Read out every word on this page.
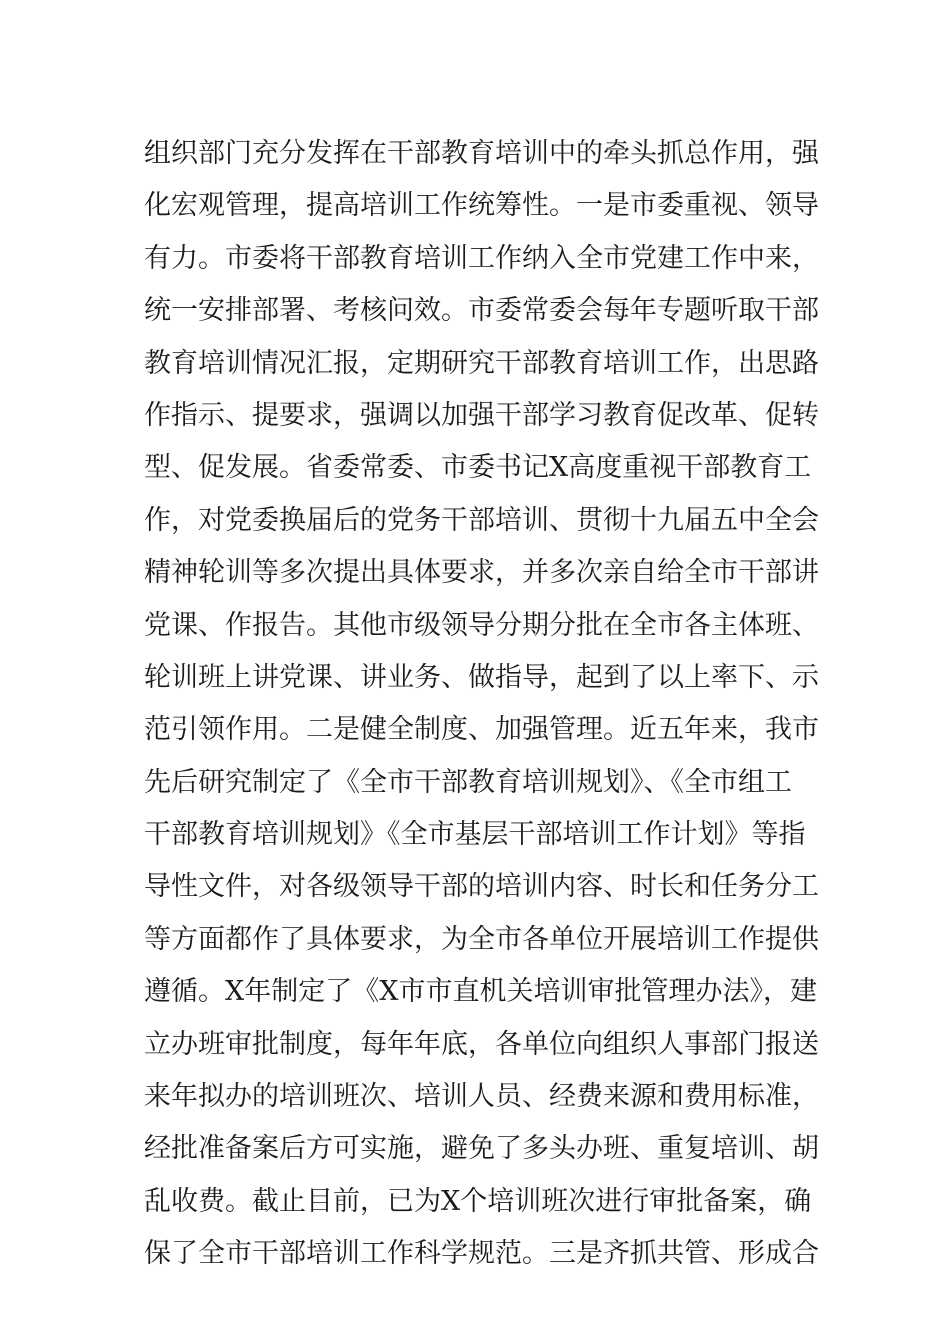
组织部门充分发挥在干部教育培训中的牵头抓总作用，强
化宏观管理，提高培训工作统筹性。一是市委重视、领导
有力。市委将干部教育培训工作纳入全市党建工作中来，
统一安排部署、考核问效。市委常委会每年专题听取干部
教育培训情况汇报，定期研究干部教育培训工作，出思路
作指示、提要求，强调以加强干部学习教育促改革、促转
型、促发展。省委常委、市委书记X高度重视干部教育工
作，对党委换届后的党务干部培训、贯彻十九届五中全会
精神轮训等多次提出具体要求，并多次亲自给全市干部讲
党课、作报告。其他市级领导分期分批在全市各主体班、
轮训班上讲党课、讲业务、做指导，起到了以上率下、示
范引领作用。二是健全制度、加强管理。近五年来，我市
先后研究制定了《全市干部教育培训规划》、《全市组工
干部教育培训规划》《全市基层干部培训工作计划》等指
导性文件，对各级领导干部的培训内容、时长和任务分工
等方面都作了具体要求，为全市各单位开展培训工作提供
遵循。X年制定了《X市市直机关培训审批管理办法》，建
立办班审批制度，每年年底，各单位向组织人事部门报送
来年拟办的培训班次、培训人员、经费来源和费用标准，
经批准备案后方可实施，避免了多头办班、重复培训、胡
乱收费。截止目前，已为X个培训班次进行审批备案，确
保了全市干部培训工作科学规范。三是齐抓共管、形成合
